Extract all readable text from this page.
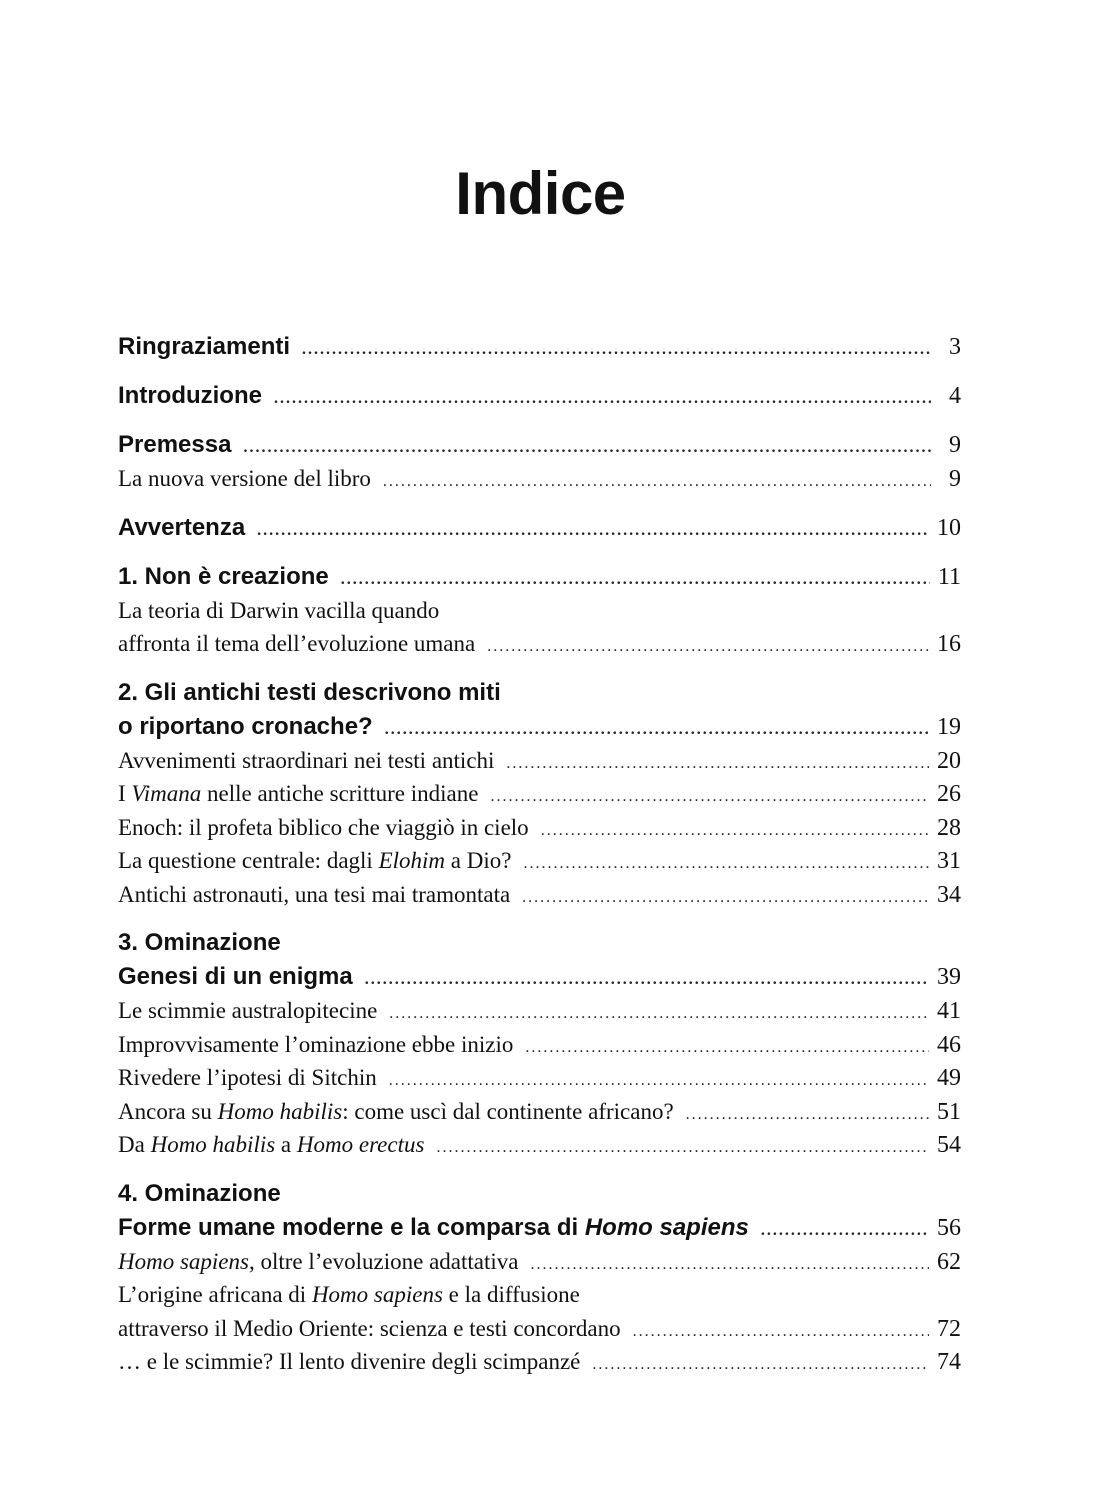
Indice
Ringraziamenti .....	3
Introduzione .....	4
Premessa .....	9
La nuova versione del libro .....	9
Avvertenza .....	10
1. Non è creazione .....	11
La teoria di Darwin vacilla quando
affronta il tema dell’evoluzione umana .....	16
2. Gli antichi testi descrivono miti
o riportano cronache? .....	19
Avvenimenti straordinari nei testi antichi .....	20
I Vimana nelle antiche scritture indiane .....	26
Enoch: il profeta biblico che viaggiò in cielo .....	28
La questione centrale: dagli Elohim a Dio? .....	31
Antichi astronauti, una tesi mai tramontata .....	34
3. Ominazione
Genesi di un enigma .....	39
Le scimmie australopitecine .....	41
Improvvisamente l’ominazione ebbe inizio .....	46
Rivedere l’ipotesi di Sitchin .....	49
Ancora su Homo habilis: come uscì dal continente africano? .....	51
Da Homo habilis a Homo erectus .....	54
4. Ominazione
Forme umane moderne e la comparsa di Homo sapiens .....	56
Homo sapiens, oltre l’evoluzione adattativa .....	62
L’origine africana di Homo sapiens e la diffusione
attraverso il Medio Oriente: scienza e testi concordano .....	72
… e le scimmie? Il lento divenire degli scimpanzé .....	74
